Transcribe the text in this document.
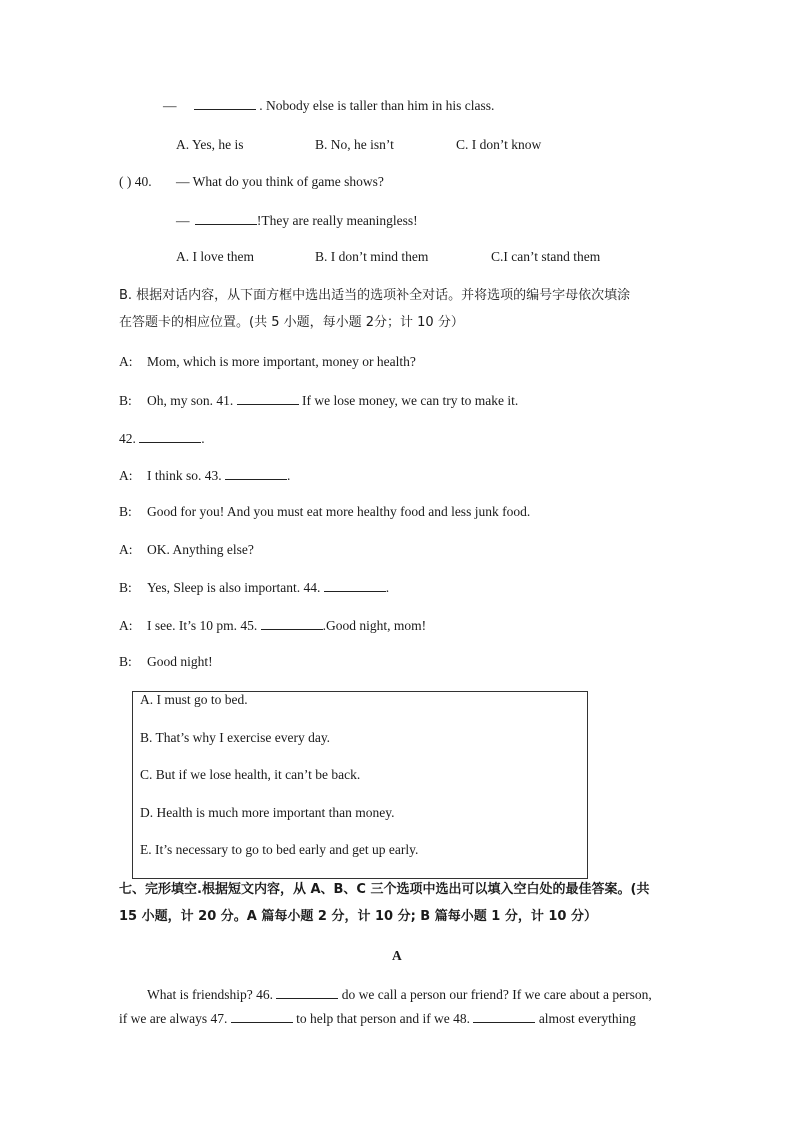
—	. Nobody else is taller than him in his class.
A. Yes, he is	B. No, he isn’t	C. I don’t know
( ) 40. — What do you think of game shows?
—	!They are really meaningless!
A. I love them	B. I don’t mind them	C.I can’t stand them
B. 根据对话内容，从下面方框中选出适当的选项补全对话。并将选项的编号字母依次填涂
在答题卡的相应位置。(共 5 小题，每小题 2分；计 10 分）
A: Mom, which is more important, money or health?
B: Oh, my son. 41.	If we lose money, we can try to make it.
42.	.
A: I think so. 43.	.
B: Good for you! And you must eat more healthy food and less junk food.
A: OK. Anything else?
B: Yes, Sleep is also important. 44.	.
A: I see. It’s 10 pm. 45.	.Good night, mom!
B: Good night!
A. I must go to bed.
B. That’s why I exercise every day.
C. But if we lose health, it can’t be back.
D. Health is much more important than money.
E. It’s necessary to go to bed early and get up early.
七、完形填空.根据短文内容，从 A、B、C 三个选项中选出可以填入空白处的最佳答案。(共
15 小题，计 20 分。A 篇每小题 2 分，计 10 分; B 篇每小题 1 分，计 10 分）
A
What is friendship? 46.	do we call a person our friend? If we care about a person,
if we are always 47.	to help that person and if we 48.	almost everything
